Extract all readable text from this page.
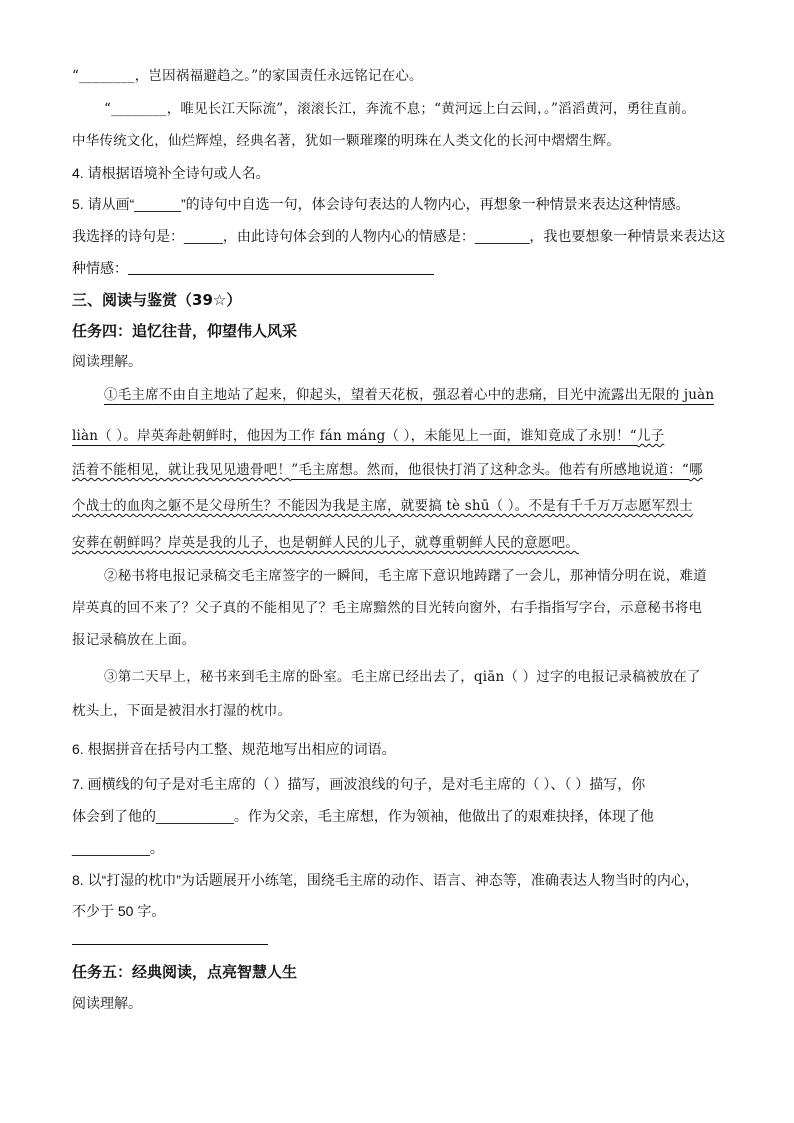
“________，岂因祸福避趋之。”的家国责任永远铭记在心。
“________，唯见长江天际流”，滚滚长江，奔流不息；“黄河远上白云间，。”滔滔黄河，勇往直前。
中华传统文化，仙烂辉煌，经典名著，犹如一颗璀璨的明珠在人类文化的长河中熠熠生辉。
4. 请根据语境补全诗句或人名。
5. 请从画“______”的诗句中自选一句，体会诗句表达的人物内心，再想象一种情景来表达这种情感。
我选择的诗句是：_____，由此诗句体会到的人物内心的情感是：_______，我也要想象一种情景来表达这
种情感：
三、阅读与鉴赏（39☆）
任务四：追忆往昔，仰望伟人风采
阅读理解。
①毛主席不由自主地站了起来，仰起头，望着天花板，强忍着心中的悲痛，目光中流露出无限的 juàn
liàn（ ）。岸英奔赴朝鲜时，他因为工作 fán máng（ ），未能见上一面，谁知竟成了永别！“儿子
活着不能相见，就让我见见遗骨吧！”毛主席想。然而，他很快打消了这种念头。他若有所感地说道：“哪
个战士的血肉之躯不是父母所生？不能因为我是主席，就要搞 tè shū（ ）。不是有千千万万志愿军烈士
安葬在朝鲜吗？岸英是我的儿子，也是朝鲜人民的儿子，就尊重朝鲜人民的意愿吧。
②秘书将电报记录稿交毛主席签字的一瞬间，毛主席下意识地踌躇了一会儿，那神情分明在说，难道
岸英真的回不来了？父子真的不能相见了？毛主席黯然的目光转向窗外，右手指指写字台，示意秘书将电
报记录稿放在上面。
③第二天早上，秘书来到毛主席的卧室。毛主席已经出去了，qiān（ ）过字的电报记录稿被放在了
枕头上，下面是被泪水打湿的枕巾。
6. 根据拼音在括号内工整、规范地写出相应的词语。
7. 画横线的句子是对毛主席的（ ）描写，画波浪线的句子，是对毛主席的（ ）、（ ）描写，你
体会到了他的__________。作为父亲，毛主席想，作为领袖，他做出了的艰难抉择，体现了他
__________。
8. 以“打湿的枕巾”为话题展开小练笔，围绕毛主席的动作、语言、神态等，准确表达人物当时的内心，
不少于 50 字。
任务五：经典阅读，点亮智慧人生
阅读理解。
